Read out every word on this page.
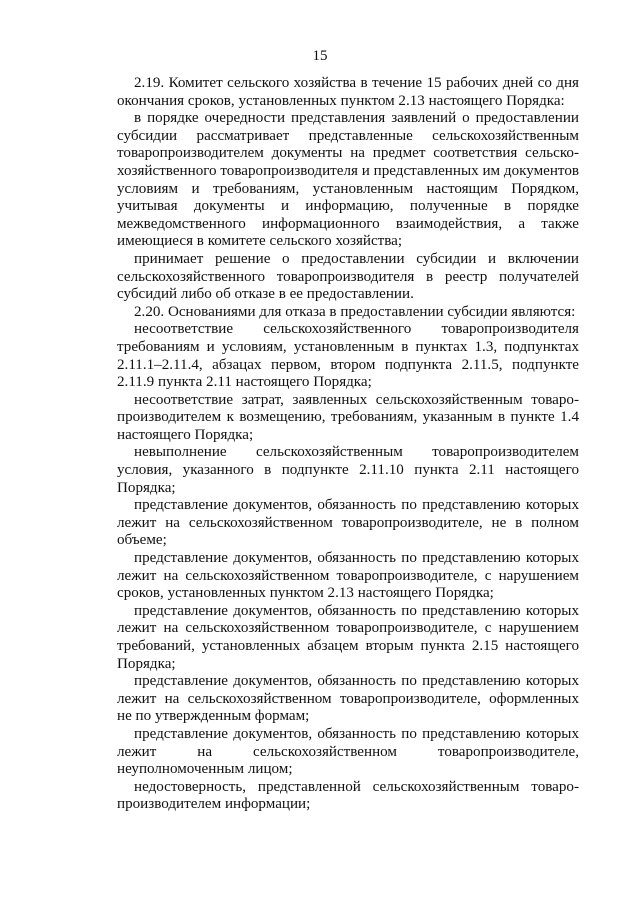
15

2.19. Комитет сельского хозяйства в течение 15 рабочих дней со дня окончания сроков, установленных пунктом 2.13 настоящего Порядка:

в порядке очередности представления заявлений о предоставлении субсидии рассматривает представленные сельскохозяйственным товаропроизводителем документы на предмет соответствия сельскохозяйственного товаропроизводителя и представленных им документов условиям и требованиям, установленным настоящим Порядком, учитывая документы и информацию, полученные в порядке межведомственного информационного взаимодействия, а также имеющиеся в комитете сельского хозяйства;

принимает решение о предоставлении субсидии и включении сельскохозяйственного товаропроизводителя в реестр получателей субсидий либо об отказе в ее предоставлении.

2.20. Основаниями для отказа в предоставлении субсидии являются:

несоответствие сельскохозяйственного товаропроизводителя требованиям и условиям, установленным в пунктах 1.3, подпунктах 2.11.1–2.11.4, абзацах первом, втором подпункта 2.11.5, подпункте 2.11.9 пункта 2.11 настоящего Порядка;

несоответствие затрат, заявленных сельскохозяйственным товаропроизводителем к возмещению, требованиям, указанным в пункте 1.4 настоящего Порядка;

невыполнение сельскохозяйственным товаропроизводителем условия, указанного в подпункте 2.11.10 пункта 2.11 настоящего Порядка;

представление документов, обязанность по представлению которых лежит на сельскохозяйственном товаропроизводителе, не в полном объеме;

представление документов, обязанность по представлению которых лежит на сельскохозяйственном товаропроизводителе, с нарушением сроков, установленных пунктом 2.13 настоящего Порядка;

представление документов, обязанность по представлению которых лежит на сельскохозяйственном товаропроизводителе, с нарушением требований, установленных абзацем вторым пункта 2.15 настоящего Порядка;

представление документов, обязанность по представлению которых лежит на сельскохозяйственном товаропроизводителе, оформленных не по утвержденным формам;

представление документов, обязанность по представлению которых лежит на сельскохозяйственном товаропроизводителе, неуполномоченным лицом;

недостоверность, представленной сельскохозяйственным товаропроизводителем информации;
